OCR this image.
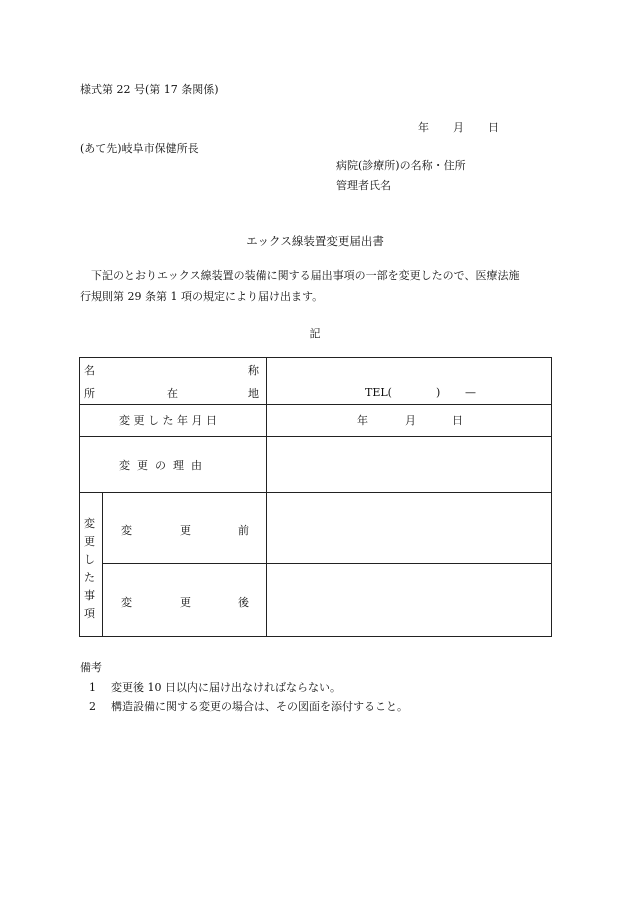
様式第 22 号(第 17 条関係)
年 月 日
(あて先)岐阜市保健所長
病院(診療所)の名称・住所
管理者氏名
エックス線装置変更届出書

下記のとおりエックス線装置の装備に関する届出事項の一部を変更したので、医療法施

行規則第 29 条第 1 項の規定により届け出ます。
記
名	称
所	在	地	TEL(	) —
変 更 し た 年 月 日	年	月	日
変  更  の  理  由
変
更
し
た
事
項
変	更	前
変	更	後
備考
1 変更後 10 日以内に届け出なければならない。
2 構造設備に関する変更の場合は、その図面を添付すること。
